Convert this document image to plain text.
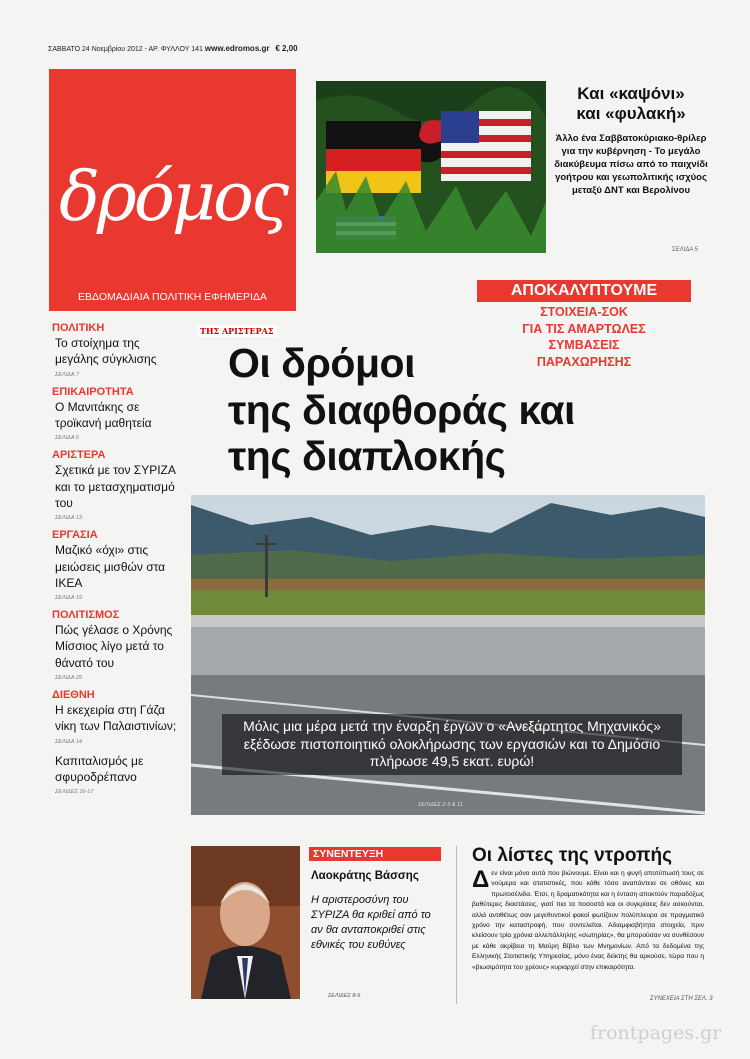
ΣΑΒΒΑΤΟ 24 Νοεμβρίου 2012 - ΑΡ. ΦΥΛΛΟΥ 141 www.edromos.gr € 2,00
δρόμος
ΤΗΣ ΑΡΙΣΤΕΡΑΣ
ΕΒΔΟΜΑΔΙΑΙΑ ΠΟΛΙΤΙΚΗ ΕΦΗΜΕΡΙΔΑ
Και «καψόνι»
και «φυλακή»
Άλλο ένα Σαββατοκύριακο-θρίλερ για την κυβέρνηση - Το μεγάλο διακύβευμα πίσω από το παιχνίδι γοήτρου και γεωπολιτικής ισχύος μεταξύ ΔΝΤ και Βερολίνου
ΣΕΛΙΔΑ 5
ΑΠΟΚΑΛΥΠΤΟΥΜΕ
ΣΤΟΙΧΕΙΑ-ΣΟΚ
ΓΙΑ ΤΙΣ ΑΜΑΡΤΩΛΕΣ
ΣΥΜΒΑΣΕΙΣ
ΠΑΡΑΧΩΡΗΣΗΣ
Οι δρόμοι
της διαφθοράς και
της διαπλοκής
ΠΟΛΙΤΙΚΗ
Το στοίχημα της μεγάλης σύγκλισης
ΣΕΛΙΔΑ 7
ΕΠΙΚΑΙΡΟΤΗΤΑ
Ο Μανιτάκης σε τροϊκανή μαθητεία
ΣΕΛΙΔΑ 6
ΑΡΙΣΤΕΡΑ
Σχετικά με τον ΣΥΡΙΖΑ και το μετασχηματισμό του
ΣΕΛΙΔΑ 13
ΕΡΓΑΣΙΑ
Μαζικό «όχι» στις μειώσεις μισθών στα ΙΚΕΑ
ΣΕΛΙΔΑ 19
ΠΟΛΙΤΙΣΜΟΣ
Πώς γέλασε ο Χρόνης Μίσσιος λίγο μετά το θάνατό του
ΣΕΛΙΔΑ 25
ΔΙΕΘΝΗ
Η εκεχειρία στη Γάζα νίκη των Παλαιστινίων;
ΣΕΛΙΔΑ 14
Καπιταλισμός με σφυροδρέπανο
ΣΕΛΙΔΕΣ 16-17
Μόλις μια μέρα μετά την έναρξη έργων ο «Ανεξάρτητος Μηχανικός» εξέδωσε πιστοποιητικό ολοκλήρωσης των εργασιών και το Δημόσιο πλήρωσε 49,5 εκατ. ευρώ!
ΣΕΛΙΔΕΣ 2-3 & 11
ΣΥΝΕΝΤΕΥΞΗ
Λαοκράτης Βάσσης
Η αριστεροσύνη του ΣΥΡΙΖΑ θα κριθεί από το αν θα ανταποκριθεί στις εθνικές του ευθύνες
ΣΕΛΙΔΕΣ 8-9
Οι λίστες της ντροπής
Δεν είναι μόνο αυτά που βιώνουμε. Είναι και η φυγή αποτύπωσή τους σε νούμερα και στατιστικές, που κάθε τόσο αναπάντεια σε οθόνες και πρωτοσέλιδα. Έτσι, η δραματικότητα και η ένταση αποκτούν παραδόξως βαθύτερες διαστάσεις, γιατί πια τα ποσοστά και οι συγκρίσεις δεν ασκούνται, αλλά αντιθέτως σαν μεγεθυντικοί φακοί φωτίζουν πολύπλευρα σε πραγματικό χρόνο την καταστροφή, που συντελείται. Αδιαμφισβήτητα στοιχεία, πριν κλείσουν τρία χρόνια αλλεπάλληλης «σωτηρίας», θα μπορούσαν να συνθέσουν με κάθε ακρίβεια τη Μαύρη Βίβλο των Μνημονίων. Από τα δεδομένα της Ελληνικής Στατιστικής Υπηρεσίας, μόνο ένας δείκτης θα αρκούσε, τώρα που η «βιωσιμότητα του χρέους» κυριαρχεί στην επικαιρότητα.
ΣΥΝΕΧΕΙΑ ΣΤΗ ΣΕΛ. 3
frontpages.gr
